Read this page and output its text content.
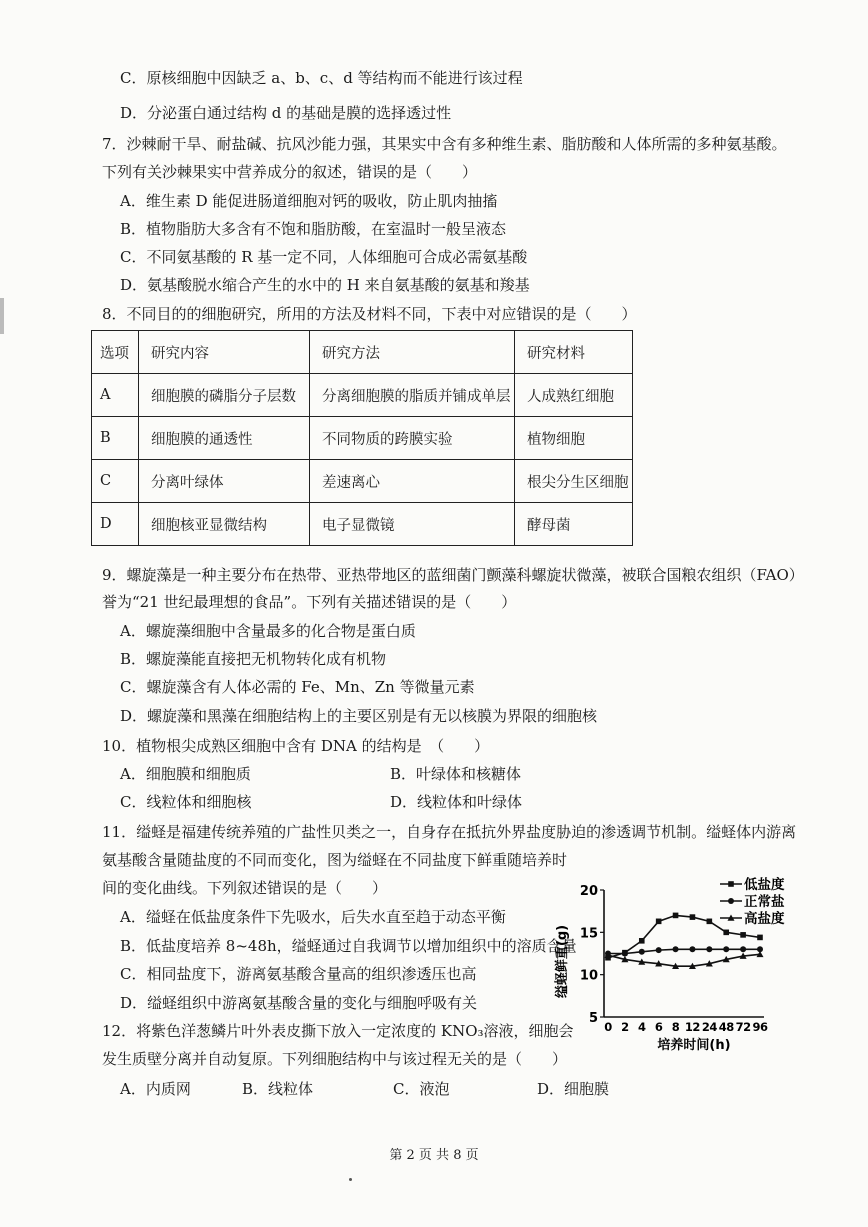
C．原核细胞中因缺乏 a、b、c、d 等结构而不能进行该过程
D．分泌蛋白通过结构 d 的基础是膜的选择透过性
7．沙棘耐干旱、耐盐碱、抗风沙能力强，其果实中含有多种维生素、脂肪酸和人体所需的多种氨基酸。
下列有关沙棘果实中营养成分的叙述，错误的是（　　）
A．维生素 D 能促进肠道细胞对钙的吸收，防止肌肉抽搐
B．植物脂肪大多含有不饱和脂肪酸，在室温时一般呈液态
C．不同氨基酸的 R 基一定不同，人体细胞可合成必需氨基酸
D．氨基酸脱水缩合产生的水中的 H 来自氨基酸的氨基和羧基
8．不同目的的细胞研究，所用的方法及材料不同，下表中对应错误的是（　　）
选项	研究内容	研究方法	研究材料
A	细胞膜的磷脂分子层数	分离细胞膜的脂质并铺成单层	人成熟红细胞
B	细胞膜的通透性	不同物质的跨膜实验	植物细胞
C	分离叶绿体	差速离心	根尖分生区细胞
D	细胞核亚显微结构	电子显微镜	酵母菌
9．螺旋藻是一种主要分布在热带、亚热带地区的蓝细菌门颤藻科螺旋状微藻，被联合国粮农组织（FAO）
誉为“21 世纪最理想的食品”。下列有关描述错误的是（　　）
A．螺旋藻细胞中含量最多的化合物是蛋白质
B．螺旋藻能直接把无机物转化成有机物
C．螺旋藻含有人体必需的 Fe、Mn、Zn 等微量元素
D．螺旋藻和黑藻在细胞结构上的主要区别是有无以核膜为界限的细胞核
10．植物根尖成熟区细胞中含有 DNA 的结构是　（　　）
A．细胞膜和细胞质	B．叶绿体和核糖体
C．线粒体和细胞核	D．线粒体和叶绿体
11．缢蛏是福建传统养殖的广盐性贝类之一，自身存在抵抗外界盐度胁迫的渗透调节机制。缢蛏体内游离
氨基酸含量随盐度的不同而变化，图为缢蛏在不同盐度下鲜重随培养时
间的变化曲线。下列叙述错误的是（　　）
A．缢蛏在低盐度条件下先吸水，后失水直至趋于动态平衡
B．低盐度培养 8~48h，缢蛏通过自我调节以增加组织中的溶质含量
C．相同盐度下，游离氨基酸含量高的组织渗透压也高
D．缢蛏组织中游离氨基酸含量的变化与细胞呼吸有关
12．将紫色洋葱鳞片叶外表皮撕下放入一定浓度的 KNO₃溶液，细胞会
发生质壁分离并自动复原。下列细胞结构中与该过程无关的是（　　）
A．内质网	B．线粒体	C．液泡	D．细胞膜
5
10
15
20
0 2 4 6 8 12 24 48 72 96
培养时间(h)
缢蛏鲜重(g)
低盐度
正常盐
高盐度
第 2 页 共 8 页
